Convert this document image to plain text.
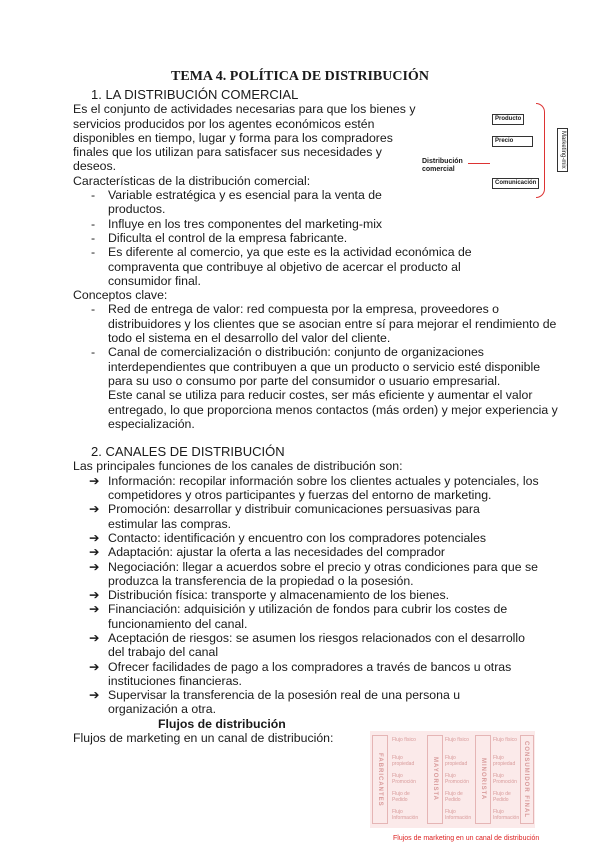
TEMA 4. POLÍTICA DE DISTRIBUCIÓN
Producto
Precio
Comunicación
Distribución comercial
Marketing-mix
1. LA DISTRIBUCIÓN COMERCIAL

Es el conjunto de actividades necesarias para que los bienes y servicios producidos por los agentes económicos estén disponibles en tiempo, lugar y forma para los compradores finales que los utilizan para satisfacer sus necesidades y deseos.

Características de la distribución comercial:
- Variable estratégica y es esencial para la venta de productos.
- Influye en los tres componentes del marketing-mix
- Dificulta el control de la empresa fabricante.
- Es diferente al comercio, ya que este es la actividad económica de compraventa que contribuye al objetivo de acercar el producto al consumidor final.
Conceptos clave:
- Red de entrega de valor: red compuesta por la empresa, proveedores o distribuidores y los clientes que se asocian entre sí para mejorar el rendimiento de todo el sistema en el desarrollo del valor del cliente.
- Canal de comercialización o distribución: conjunto de organizaciones interdependientes que contribuyen a que un producto o servicio esté disponible para su uso o consumo por parte del consumidor o usuario empresarial.
Este canal se utiliza para reducir costes, ser más eficiente y aumentar el valor entregado, lo que proporciona menos contactos (más orden) y mejor experiencia y especialización.
2. CANALES DE DISTRIBUCIÓN
Las principales funciones de los canales de distribución son:
➔ Información: recopilar información sobre los clientes actuales y potenciales, los competidores y otros participantes y fuerzas del entorno de marketing.
➔ Promoción: desarrollar y distribuir comunicaciones persuasivas para estimular las compras.
➔ Contacto: identificación y encuentro con los compradores potenciales
➔ Adaptación: ajustar la oferta a las necesidades del comprador
➔ Negociación: llegar a acuerdos sobre el precio y otras condiciones para que se produzca la transferencia de la propiedad o la posesión.
➔ Distribución física: transporte y almacenamiento de los bienes.
➔ Financiación: adquisición y utilización de fondos para cubrir los costes de funcionamiento del canal.
➔ Aceptación de riesgos: se asumen los riesgos relacionados con el desarrollo del trabajo del canal
➔ Ofrecer facilidades de pago a los compradores a través de bancos u otras instituciones financieras.
➔ Supervisar la transferencia de la posesión real de una persona u organización a otra.
Flujos de distribución
Flujos de marketing en un canal de distribución:
FABRICANTES	MAYORISTA	MINORISTA	CONSUMIDOR FINAL
Flujo físico
Flujo propiedad
Flujo Promoción
Flujo de Pedido
Flujo Información
Flujo físico
Flujo propiedad
Flujo Promoción
Flujo de Pedido
Flujo Información
Flujo físico
Flujo propiedad
Flujo Promoción
Flujo de Pedido
Flujo Información
Flujos de marketing en un canal de distribución
